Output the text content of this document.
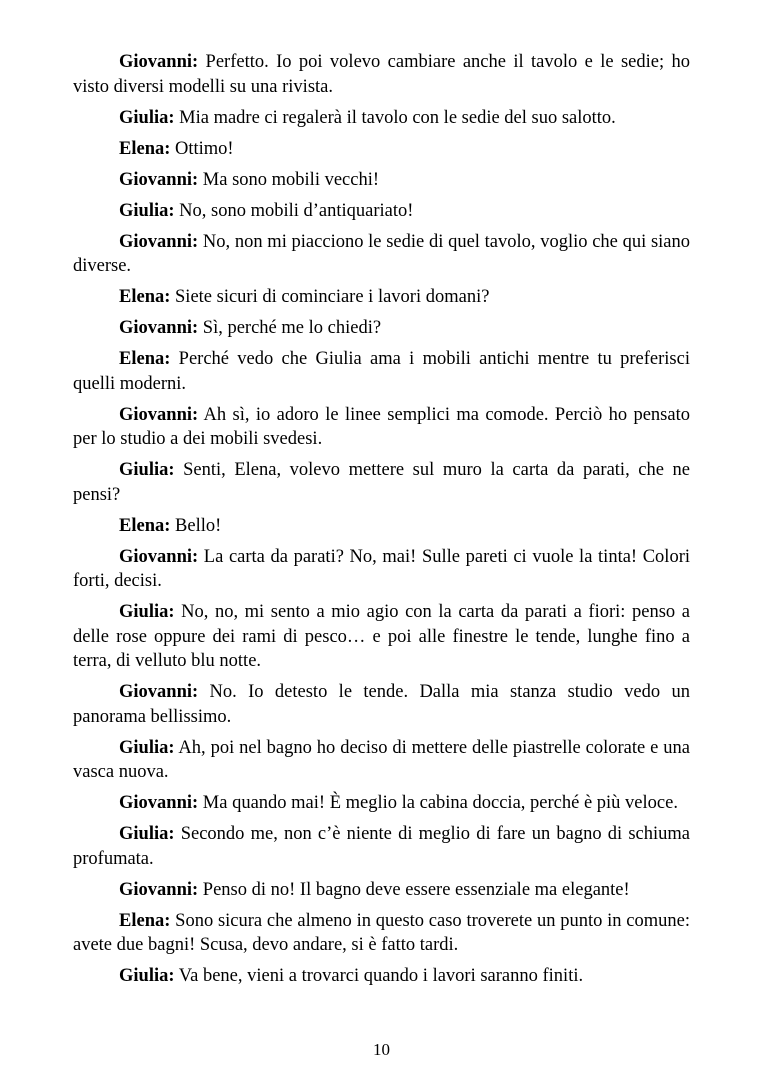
Giovanni: Perfetto. Io poi volevo cambiare anche il tavolo e le sedie; ho visto diversi modelli su una rivista.

Giulia: Mia madre ci regalerà il tavolo con le sedie del suo salotto.

Elena: Ottimo!

Giovanni: Ma sono mobili vecchi!

Giulia: No, sono mobili d’antiquariato!

Giovanni: No, non mi piacciono le sedie di quel tavolo, voglio che qui siano diverse.

Elena: Siete sicuri di cominciare i lavori domani?

Giovanni: Sì, perché me lo chiedi?

Elena: Perché vedo che Giulia ama i mobili antichi mentre tu preferisci quelli moderni.

Giovanni: Ah sì, io adoro le linee semplici ma comode. Perciò ho pensato per lo studio a dei mobili svedesi.

Giulia: Senti, Elena, volevo mettere sul muro la carta da parati, che ne pensi?

Elena: Bello!

Giovanni: La carta da parati? No, mai! Sulle pareti ci vuole la tinta! Colori forti, decisi.

Giulia: No, no, mi sento a mio agio con la carta da parati a fiori: penso a delle rose oppure dei rami di pesco… e poi alle finestre le tende, lunghe fino a terra, di velluto blu notte.

Giovanni: No. Io detesto le tende. Dalla mia stanza studio vedo un panorama bellissimo.

Giulia: Ah, poi nel bagno ho deciso di mettere delle piastrelle colorate e una vasca nuova.

Giovanni: Ma quando mai! È meglio la cabina doccia, perché è più veloce.

Giulia: Secondo me, non c’è niente di meglio di fare un bagno di schiuma profumata.

Giovanni: Penso di no! Il bagno deve essere essenziale ma elegante!

Elena: Sono sicura che almeno in questo caso troverete un punto in comune: avete due bagni! Scusa, devo andare, si è fatto tardi.

Giulia: Va bene, vieni a trovarci quando i lavori saranno finiti.

10
